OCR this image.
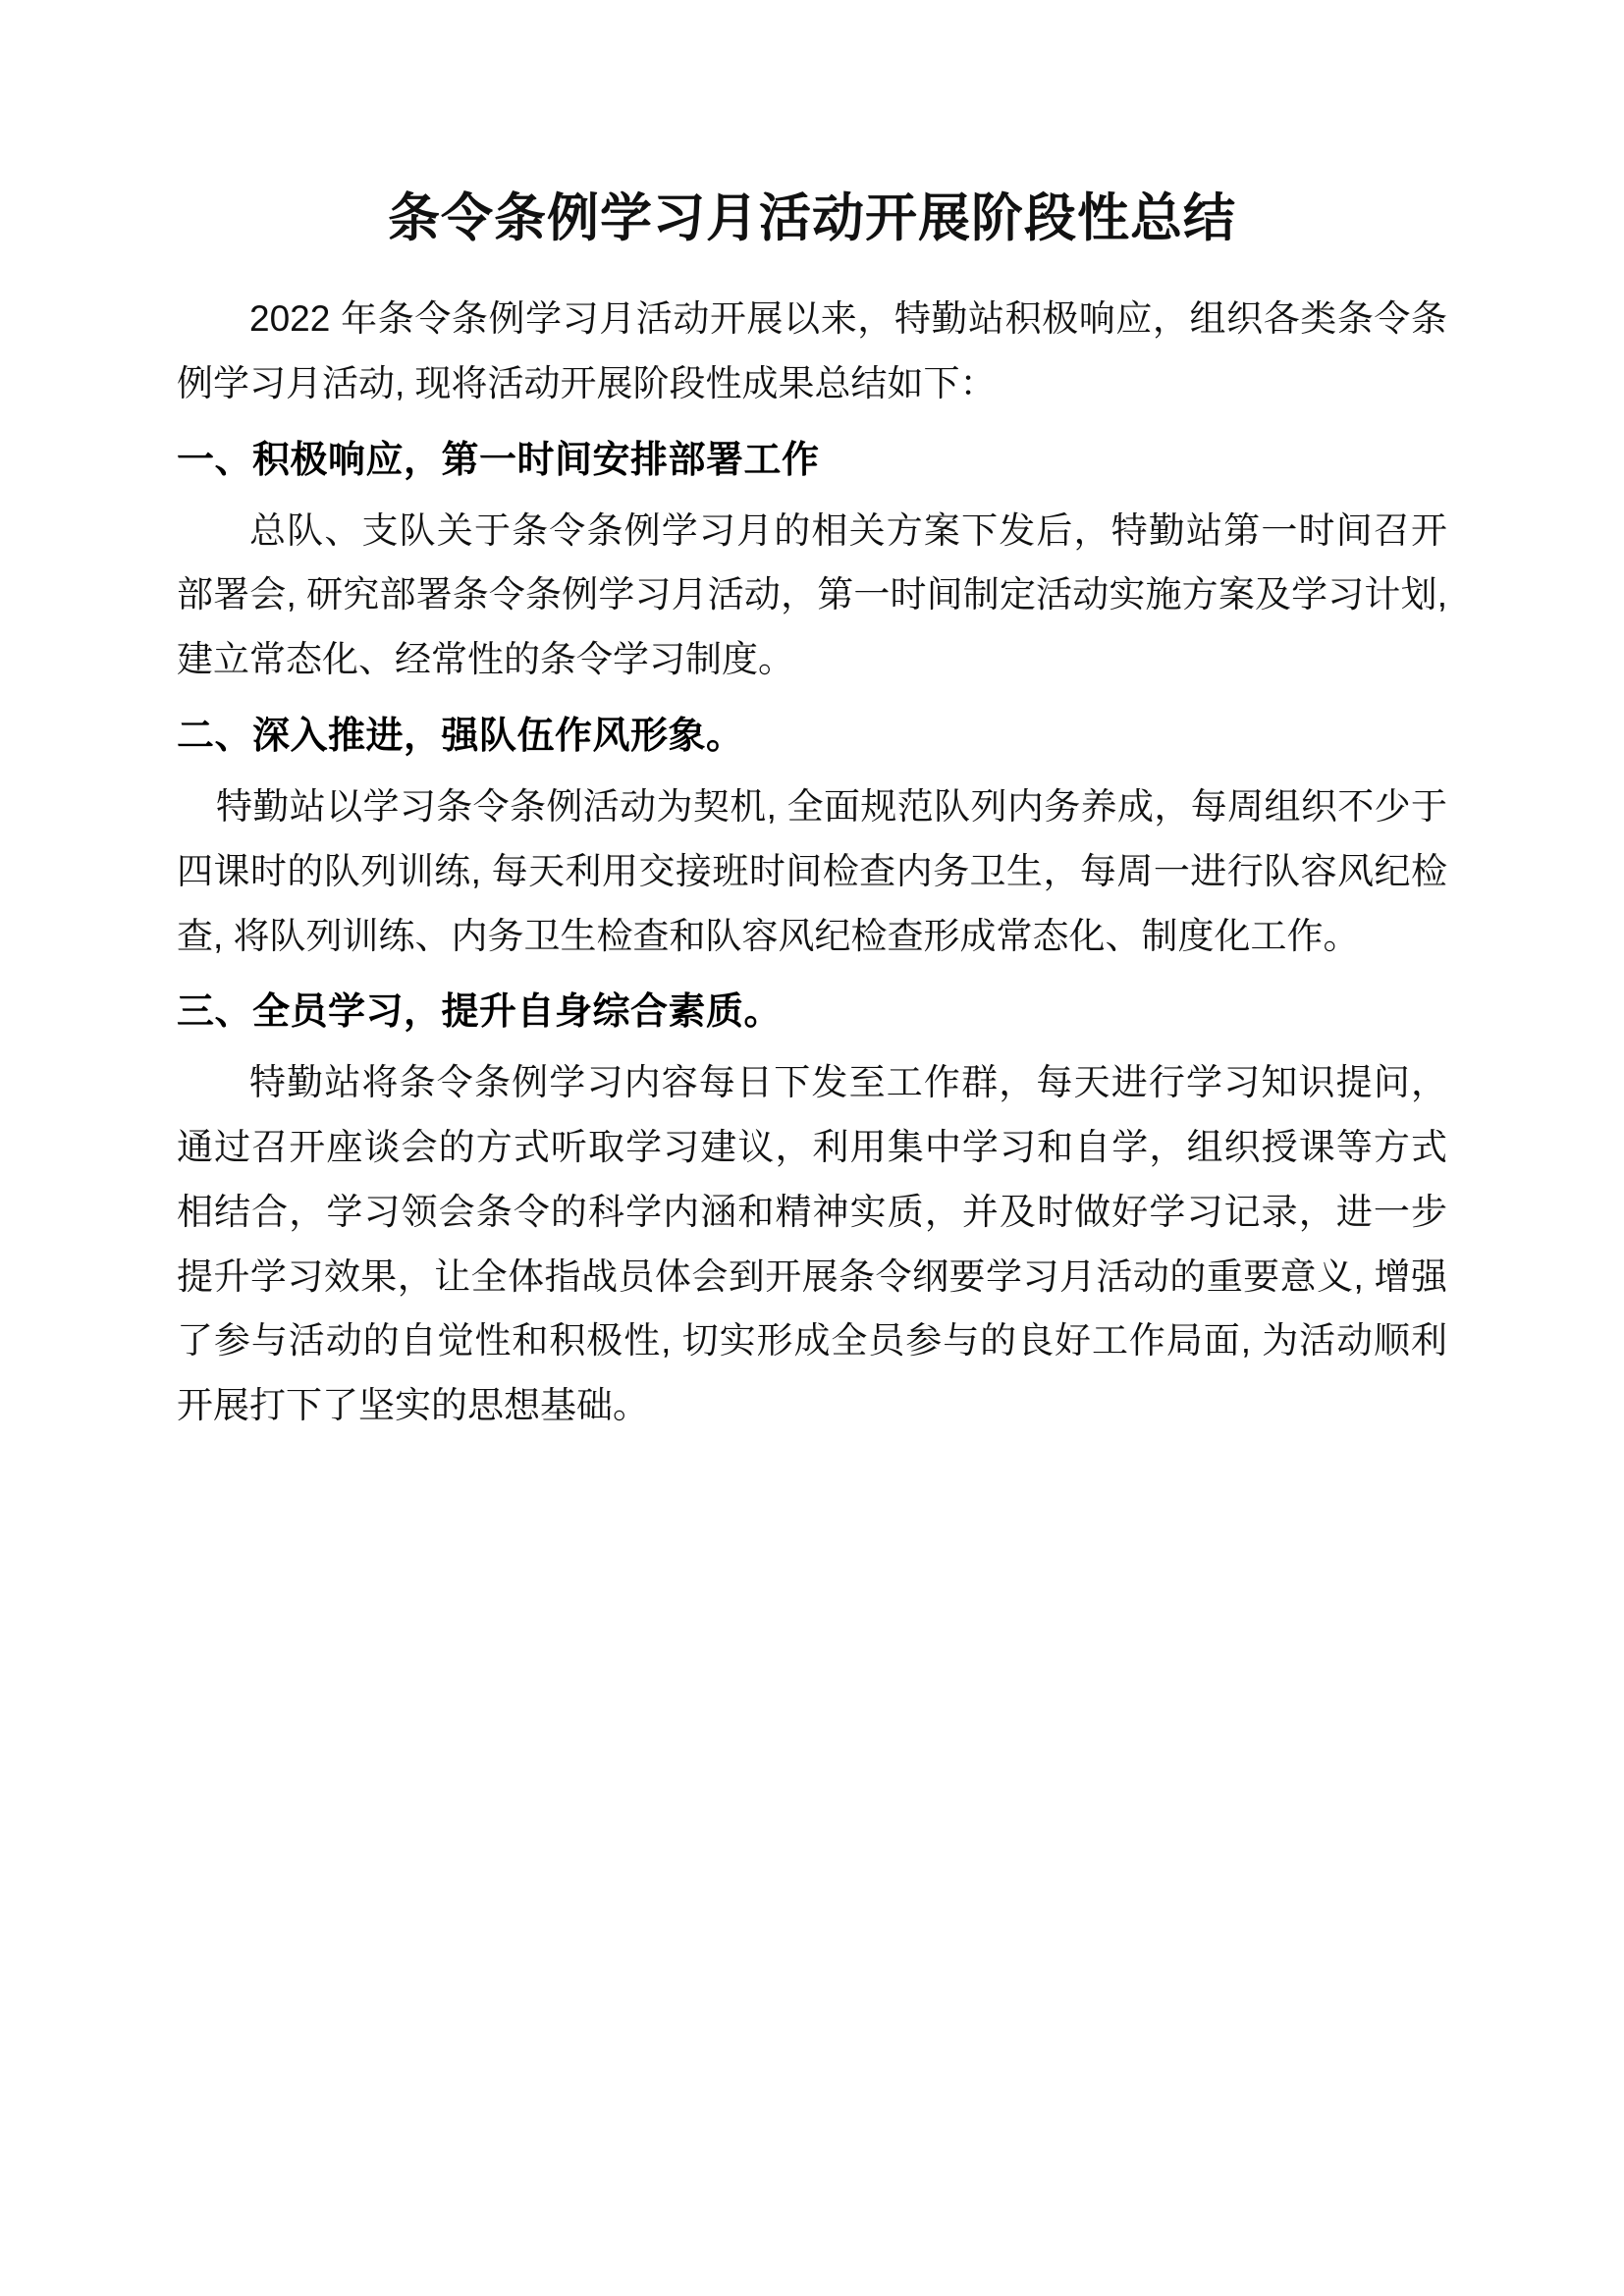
条令条例学习月活动开展阶段性总结

2022 年条令条例学习月活动开展以来，特勤站积极响应，组织各类条令条例学习月活动, 现将活动开展阶段性成果总结如下：

一、积极响应，第一时间安排部署工作

总队、支队关于条令条例学习月的相关方案下发后，特勤站第一时间召开部署会, 研究部署条令条例学习月活动，第一时间制定活动实施方案及学习计划, 建立常态化、经常性的条令学习制度。

二、深入推进，强队伍作风形象。

特勤站以学习条令条例活动为契机, 全面规范队列内务养成，每周组织不少于四课时的队列训练, 每天利用交接班时间检查内务卫生，每周一进行队容风纪检查, 将队列训练、内务卫生检查和队容风纪检查形成常态化、制度化工作。

三、全员学习，提升自身综合素质。

特勤站将条令条例学习内容每日下发至工作群，每天进行学习知识提问，通过召开座谈会的方式听取学习建议，利用集中学习和自学，组织授课等方式相结合，学习领会条令的科学内涵和精神实质，并及时做好学习记录，进一步提升学习效果，让全体指战员体会到开展条令纲要学习月活动的重要意义, 增强了参与活动的自觉性和积极性, 切实形成全员参与的良好工作局面, 为活动顺利开展打下了坚实的思想基础。
